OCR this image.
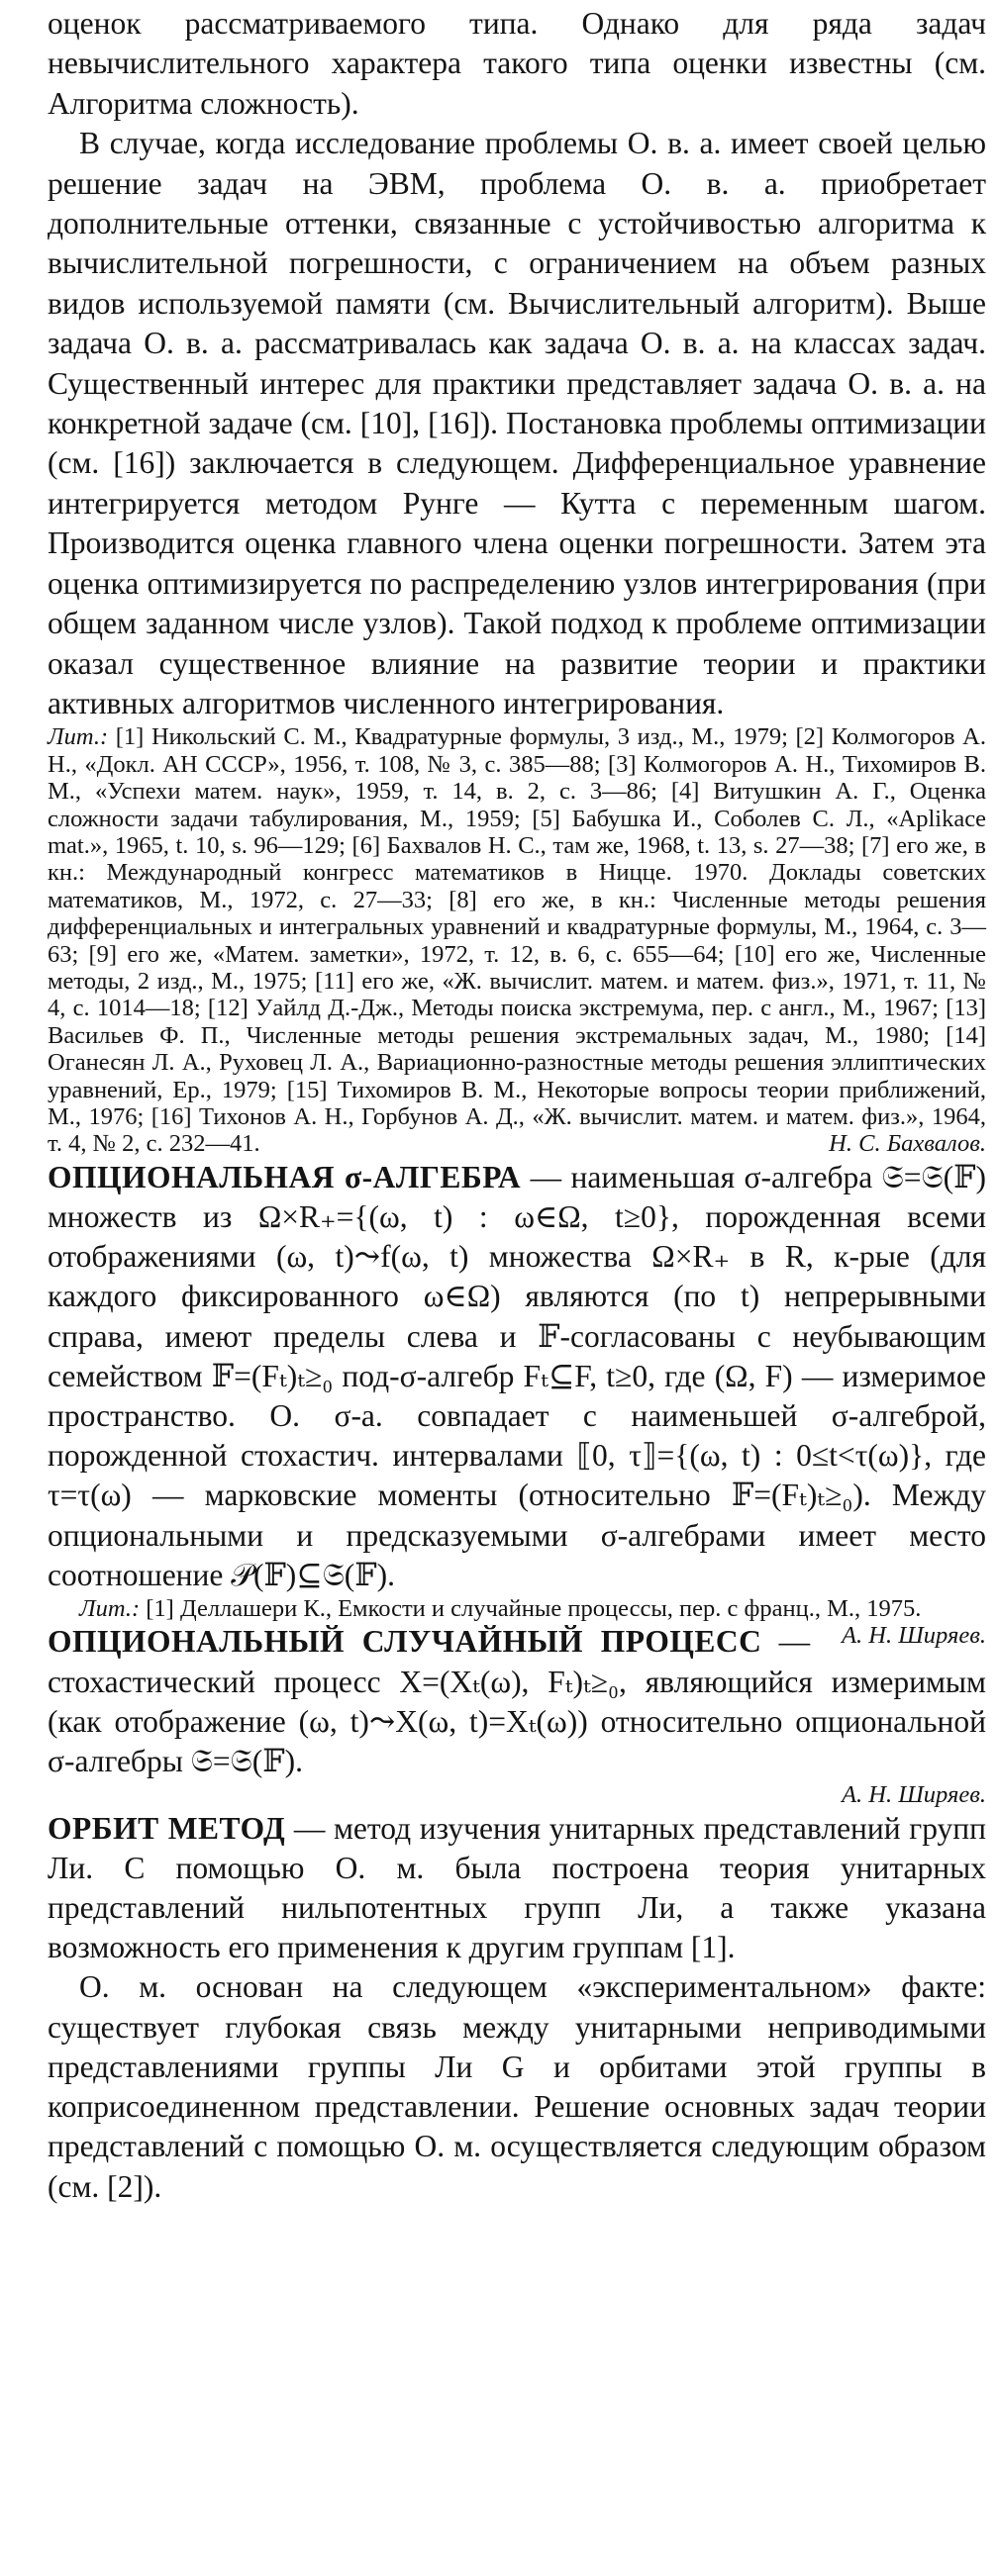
оценок рассматриваемого типа. Однако для ряда задач невычислительного характера такого типа оценки известны (см. Алгоритма сложность).

В случае, когда исследование проблемы О. в. а. имеет своей целью решение задач на ЭВМ, проблема О. в. а. приобретает дополнительные оттенки, связанные с устойчивостью алгоритма к вычислительной погрешности, с ограничением на объем разных видов используемой памяти (см. Вычислительный алгоритм). Выше задача О. в. а. рассматривалась как задача О. в. а. на классах задач. Существенный интерес для практики представляет задача О. в. а. на конкретной задаче (см. [10], [16]). Постановка проблемы оптимизации (см. [16]) заключается в следующем. Дифференциальное уравнение интегрируется методом Рунге — Кутта с переменным шагом. Производится оценка главного члена оценки погрешности. Затем эта оценка оптимизируется по распределению узлов интегрирования (при общем заданном числе узлов). Такой подход к проблеме оптимизации оказал существенное влияние на развитие теории и практики активных алгоритмов численного интегрирования.

Лит.: [1] Никольский С. М., Квадратурные формулы, 3 изд., М., 1979; [2] Колмогоров А. Н., «Докл. АН СССР», 1956, т. 108, № 3, с. 385—88; [3] Колмогоров А. Н., Тихомиров В. М., «Успехи матем. наук», 1959, т. 14, в. 2, с. 3—86; [4] Витушкин А. Г., Оценка сложности задачи табулирования, М., 1959; [5] Бабушка И., Соболев С. Л., «Aplikace mat.», 1965, t. 10, s. 96—129; [6] Бахвалов Н. С., там же, 1968, t. 13, s. 27—38; [7] его же, в кн.: Международный конгресс математиков в Ницце. 1970. Доклады советских математиков, М., 1972, с. 27—33; [8] его же, в кн.: Численные методы решения дифференциальных и интегральных уравнений и квадратурные формулы, М., 1964, с. 3—63; [9] его же, «Матем. заметки», 1972, т. 12, в. 6, с. 655—64; [10] его же, Численные методы, 2 изд., М., 1975; [11] его же, «Ж. вычислит. матем. и матем. физ.», 1971, т. 11, № 4, с. 1014—18; [12] Уайлд Д.-Дж., Методы поиска экстремума, пер. с англ., М., 1967; [13] Васильев Ф. П., Численные методы решения экстремальных задач, М., 1980; [14] Оганесян Л. А., Руховец Л. А., Вариационно-разностные методы решения эллиптических уравнений, Ер., 1979; [15] Тихомиров В. М., Некоторые вопросы теории приближений, М., 1976; [16] Тихонов А. Н., Горбунов А. Д., «Ж. вычислит. матем. и матем. физ.», 1964, т. 4, № 2, с. 232—41.	Н. С. Бахвалов.

ОПЦИОНАЛЬНАЯ σ-АЛГЕБРА — наименьшая σ-алгебра 𝔖=𝔖(𝔽) множеств из Ω×R₊={(ω, t) : ω∈Ω, t≥0}, порожденная всеми отображениями (ω, t)⤳f(ω, t) множества Ω×R₊ в R, к-рые (для каждого фиксированного ω∈Ω) являются (по t) непрерывными справа, имеют пределы слева и 𝔽-согласованы с неубывающим семейством 𝔽=(Fₜ)ₜ≥₀ под-σ-алгебр Fₜ⊆F, t≥0, где (Ω, F) — измеримое пространство. О. σ-а. совпадает с наименьшей σ-алгеброй, порожденной стохастич. интервалами ⟦0, τ⟧={(ω, t) : 0≤t<τ(ω)}, где τ=τ(ω) — марковские моменты (относительно 𝔽=(Fₜ)ₜ≥₀). Между опциональными и предсказуемыми σ-алгебрами имеет место соотношение 𝒫(𝔽)⊆𝔖(𝔽).

Лит.: [1] Деллашери К., Емкости и случайные процессы, пер. с франц., М., 1975.
А. Н. Ширяев.

ОПЦИОНАЛЬНЫЙ СЛУЧАЙНЫЙ ПРОЦЕСС — стохастический процесс X=(Xₜ(ω), Fₜ)ₜ≥₀, являющийся измеримым (как отображение (ω, t)⤳X(ω, t)=Xₜ(ω)) относительно опциональной σ-алгебры 𝔖=𝔖(𝔽).

А. Н. Ширяев.

ОРБИТ МЕТОД — метод изучения унитарных представлений групп Ли. С помощью О. м. была построена теория унитарных представлений нильпотентных групп Ли, а также указана возможность его применения к другим группам [1].

О. м. основан на следующем «экспериментальном» факте: существует глубокая связь между унитарными неприводимыми представлениями группы Ли G и орбитами этой группы в коприсоединенном представлении. Решение основных задач теории представлений с помощью О. м. осуществляется следующим образом (см. [2]).
